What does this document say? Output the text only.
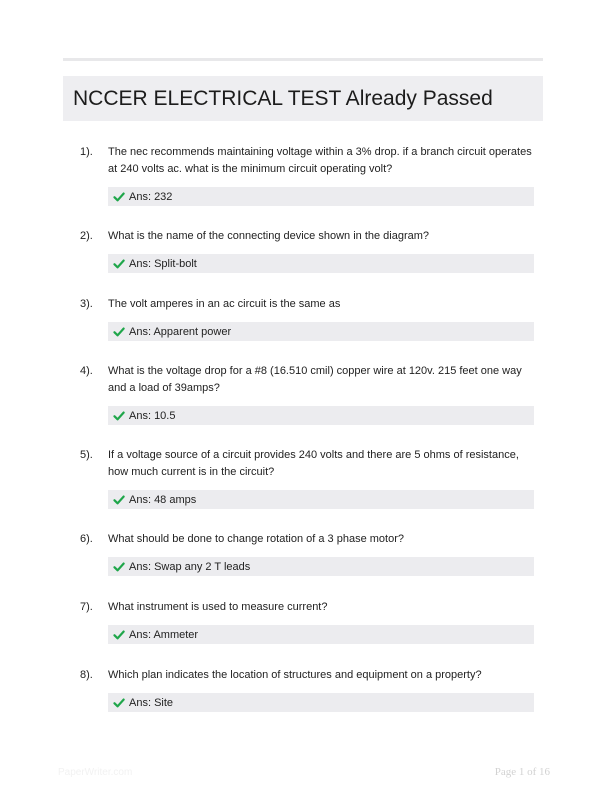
NCCER ELECTRICAL TEST Already Passed
1).	The nec recommends maintaining voltage within a 3% drop. if a branch circuit operates at 240 volts ac. what is the minimum circuit operating volt?
Ans: 232
2).	What is the name of the connecting device shown in the diagram?
Ans: Split-bolt
3).	The volt amperes in an ac circuit is the same as
Ans: Apparent power
4).	What is the voltage drop for a #8 (16.510 cmil) copper wire at 120v. 215 feet one way and a load of 39amps?
Ans: 10.5
5).	If a voltage source of a circuit provides 240 volts and there are 5 ohms of resistance, how much current is in the circuit?
Ans: 48 amps
6).	What should be done to change rotation of a 3 phase motor?
Ans: Swap any 2 T leads
7).	What instrument is used to measure current?
Ans: Ammeter
8).	Which plan indicates the location of structures and equipment on a property?
Ans: Site
PaperWriter.com	Page 1 of 16
